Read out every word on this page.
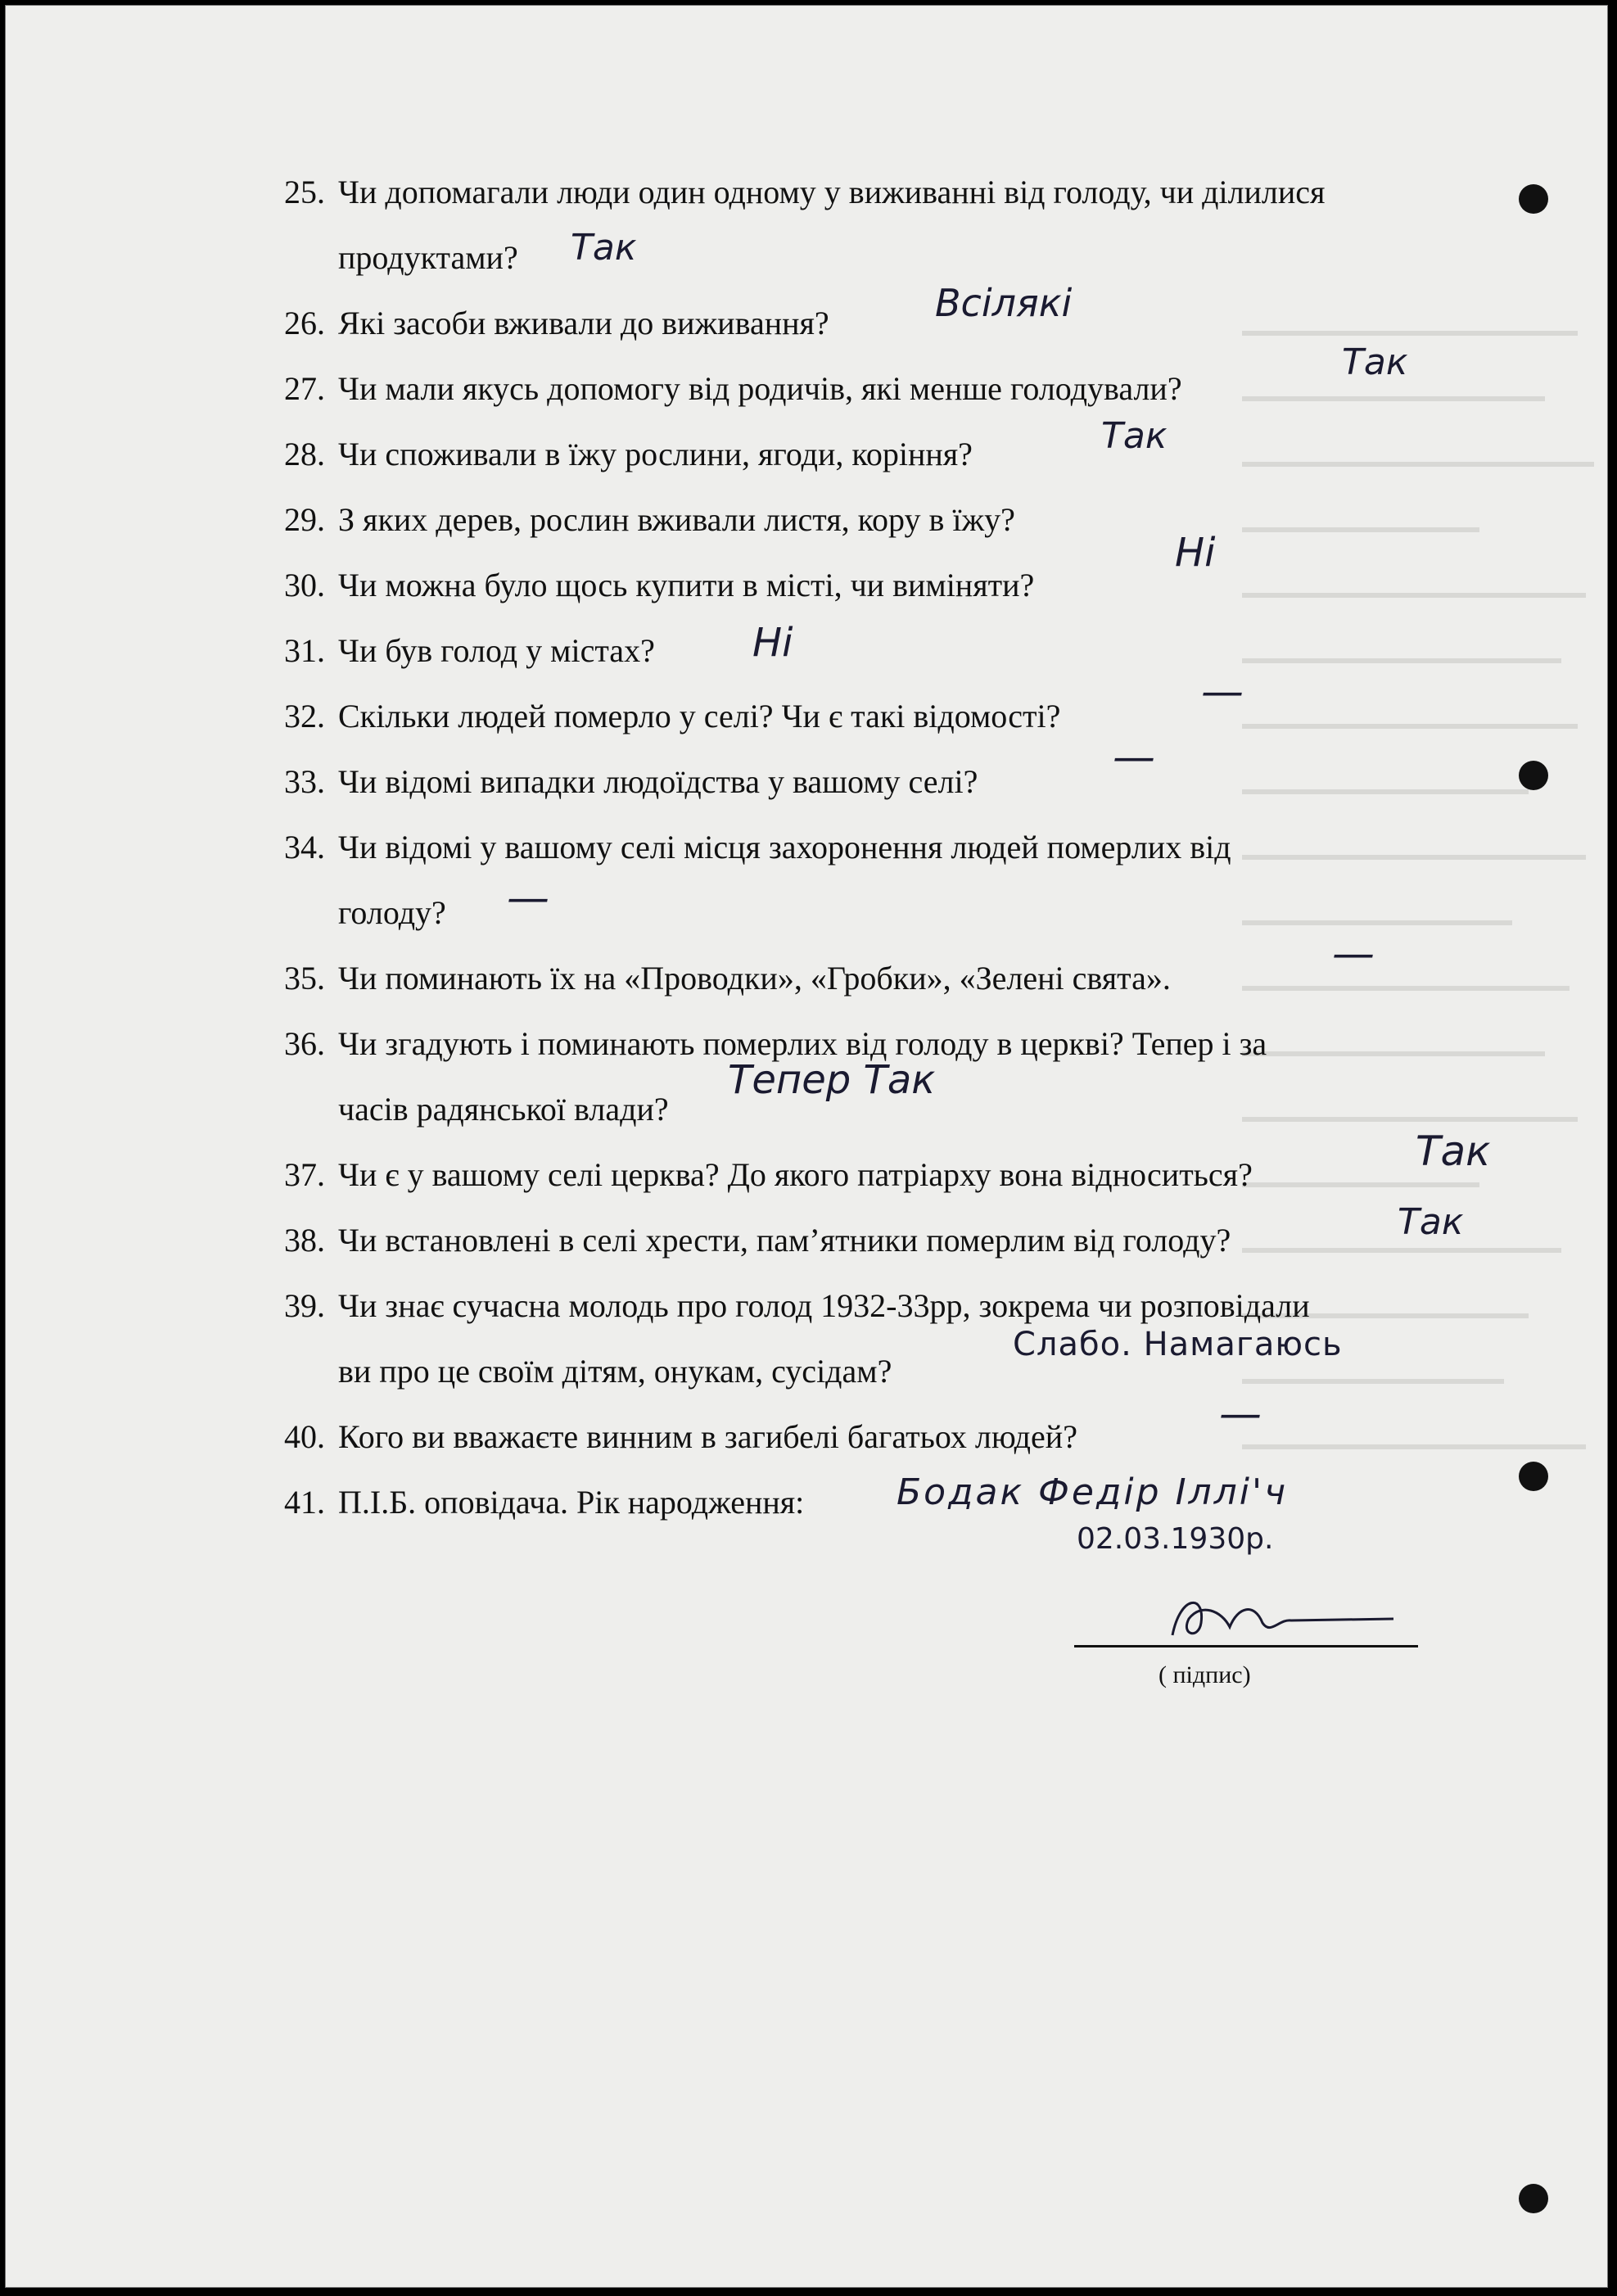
25. Чи допомагали люди один одному у виживанні від голоду, чи ділилися
продуктами? Так
26. Які засоби вживали до виживання?	Всілякі
27. Чи мали якусь допомогу від родичів, які менше голодували?
Так
28. Чи споживали в їжу рослини, ягоди, коріння?	Так
29. З яких дерев, рослин вживали листя, кору в їжу?
30. Чи можна було щось купити в місті, чи виміняти?
Ні
31. Чи був голод у містах? Ні
32. Скільки людей померло у селі? Чи є такі відомості?	—
33. Чи відомі випадки людоїдства у вашому селі?	—
34. Чи відомі у вашому селі місця захоронення людей померлих від
голоду? —
35. Чи поминають їх на «Проводки», «Гробки», «Зелені свята».	—
36. Чи згадують і поминають померлих від голоду в церкві? Тепер і за
часів радянської влади?
Тепер Так
37. Чи є у вашому селі церква? До якого патріарху вона відноситься?	Так
38. Чи встановлені в селі хрести, пам’ятники померлим від голоду?	Так
39. Чи знає сучасна молодь про голод 1932-33рр, зокрема чи розповідали
ви про це своїм дітям, онукам, сусідам?
Слабо. Намагаюсь
40. Кого ви вважаєте винним в загибелі багатьох людей?	—
41. П.І.Б. оповідача. Рік народження:	Бодак Федір Іллі'ч
02.03.1930р.
( підпис)
